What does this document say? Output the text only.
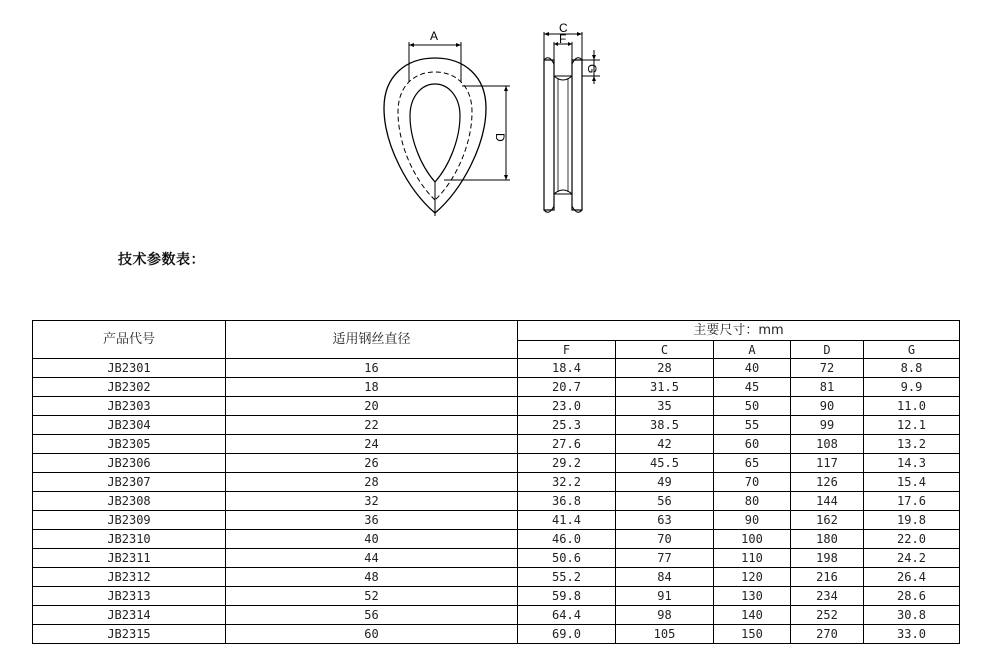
A
D
C
F
G
技术参数表：
产品代号	适用钢丝直径	主要尺寸：mm				
		F	C	A	D	G
JB2301	16	18.4	28	40	72	8.8
JB2302	18	20.7	31.5	45	81	9.9
JB2303	20	23.0	35	50	90	11.0
JB2304	22	25.3	38.5	55	99	12.1
JB2305	24	27.6	42	60	108	13.2
JB2306	26	29.2	45.5	65	117	14.3
JB2307	28	32.2	49	70	126	15.4
JB2308	32	36.8	56	80	144	17.6
JB2309	36	41.4	63	90	162	19.8
JB2310	40	46.0	70	100	180	22.0
JB2311	44	50.6	77	110	198	24.2
JB2312	48	55.2	84	120	216	26.4
JB2313	52	59.8	91	130	234	28.6
JB2314	56	64.4	98	140	252	30.8
JB2315	60	69.0	105	150	270	33.0
